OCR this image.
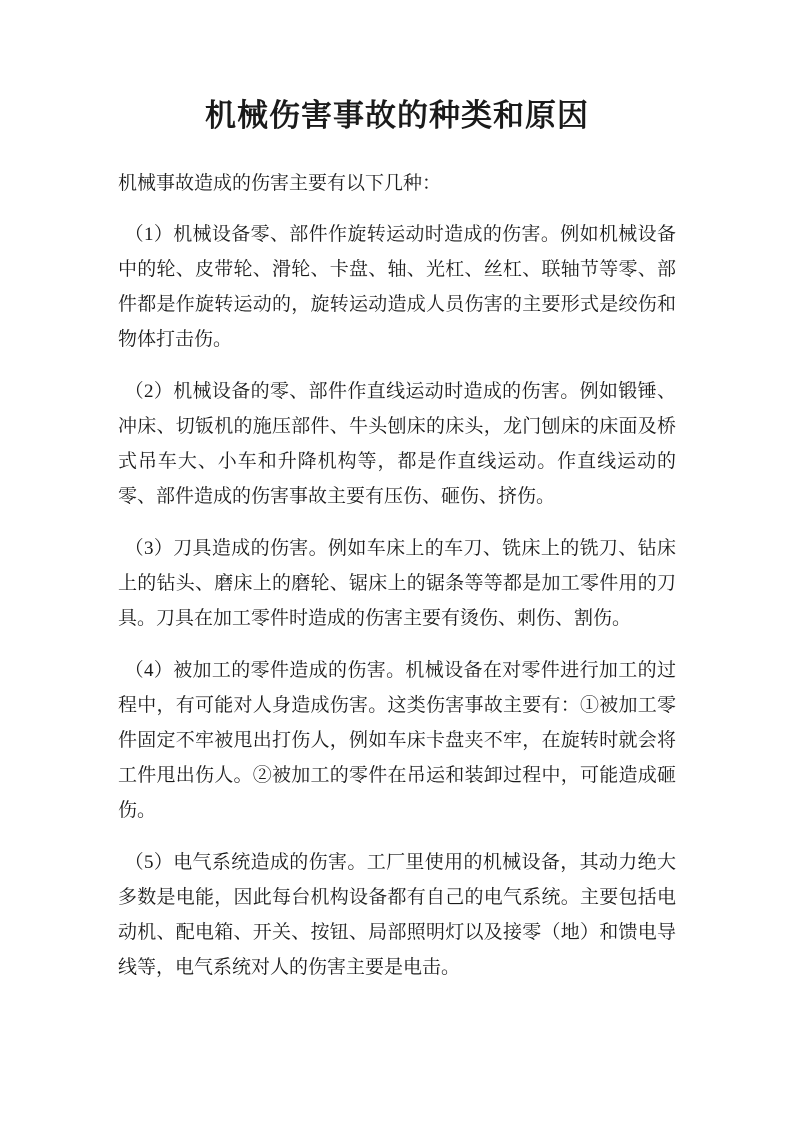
机械伤害事故的种类和原因

机械事故造成的伤害主要有以下几种：

（1）机械设备零、部件作旋转运动时造成的伤害。例如机械设备中的轮、皮带轮、滑轮、卡盘、轴、光杠、丝杠、联轴节等零、部件都是作旋转运动的，旋转运动造成人员伤害的主要形式是绞伤和物体打击伤。

（2）机械设备的零、部件作直线运动时造成的伤害。例如锻锤、冲床、切钣机的施压部件、牛头刨床的床头，龙门刨床的床面及桥式吊车大、小车和升降机构等，都是作直线运动。作直线运动的零、部件造成的伤害事故主要有压伤、砸伤、挤伤。

（3）刀具造成的伤害。例如车床上的车刀、铣床上的铣刀、钻床上的钻头、磨床上的磨轮、锯床上的锯条等等都是加工零件用的刀具。刀具在加工零件时造成的伤害主要有烫伤、刺伤、割伤。

（4）被加工的零件造成的伤害。机械设备在对零件进行加工的过程中，有可能对人身造成伤害。这类伤害事故主要有：①被加工零件固定不牢被甩出打伤人，例如车床卡盘夹不牢，在旋转时就会将工件甩出伤人。②被加工的零件在吊运和装卸过程中，可能造成砸伤。

（5）电气系统造成的伤害。工厂里使用的机械设备，其动力绝大多数是电能，因此每台机构设备都有自己的电气系统。主要包括电动机、配电箱、开关、按钮、局部照明灯以及接零（地）和馈电导线等，电气系统对人的伤害主要是电击。
